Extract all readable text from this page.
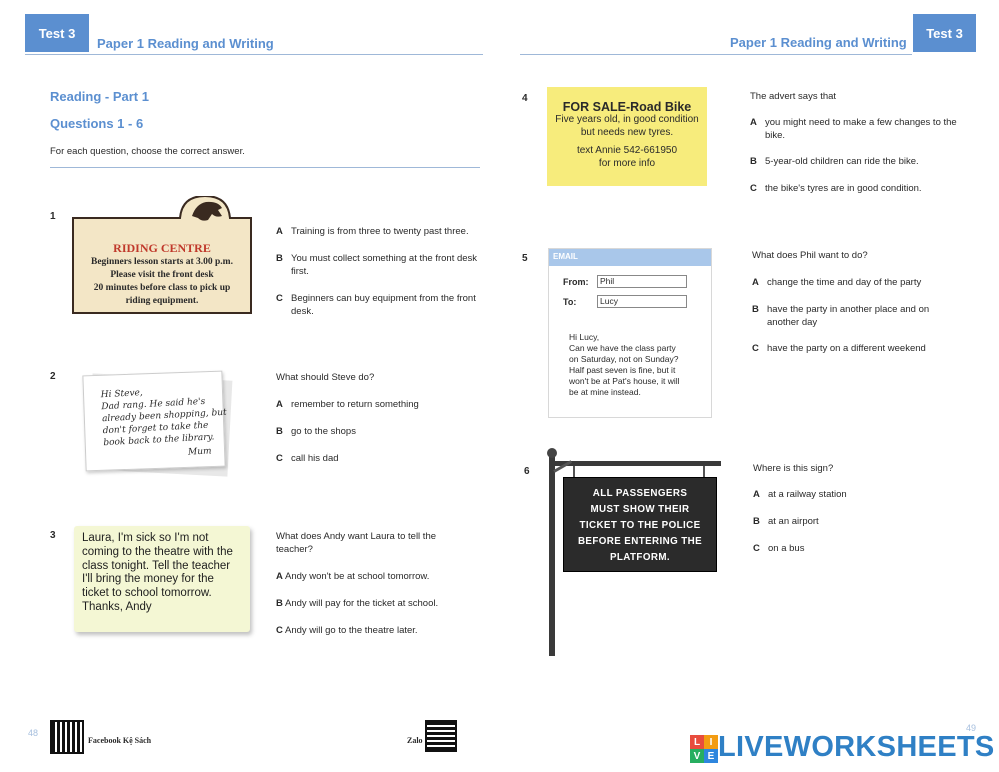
Test 3
Paper 1 Reading and Writing
Reading - Part 1
Questions 1 - 6
For each question, choose the correct answer.
1
RIDING CENTRE
Beginners lesson starts at 3.00 p.m.
Please visit the front desk
20 minutes before class to pick up
riding equipment.
A Training is from three to twenty past three.
B You must collect something at the front desk first.
C Beginners can buy equipment from the front desk.
2
Hi Steve,
Dad rang. He said he's
already been shopping, but
don't forget to take the
book back to the library.
Mum
What should Steve do?
A remember to return something
B go to the shops
C call his dad
3 Laura, I'm sick so I'm not
coming to the theatre with the
class tonight. Tell the teacher
I'll bring the money for the
ticket to school tomorrow.
Thanks, Andy
What does Andy want Laura to tell the teacher?
A Andy won't be at school tomorrow.
B Andy will pay for the ticket at school.
C Andy will go to the theatre later.
48
Facebook Kệ Sách	Zalo
Paper 1 Reading and Writing
Test 3
4
FOR SALE-Road Bike
Five years old, in good condition
but needs new tyres.
text Annie 542-661950
for more info
The advert says that
A you might need to make a few changes to the bike.
B 5-year-old children can ride the bike.
C the bike's tyres are in good condition.
5	EMAIL
From:	Phil
To:	Lucy
Hi Lucy,
Can we have the class party
on Saturday, not on Sunday?
Half past seven is fine, but it
won't be at Pat's house, it will
be at mine instead.
What does Phil want to do?
A change the time and day of the party
B have the party in another place and on another day
C have the party on a different weekend
6
ALL PASSENGERS
MUST SHOW THEIR
TICKET TO THE POLICE
BEFORE ENTERING THE
PLATFORM.
Where is this sign?
A at a railway station
B at an airport
C on a bus
49
L I
V E LIVEWORKSHEETS
